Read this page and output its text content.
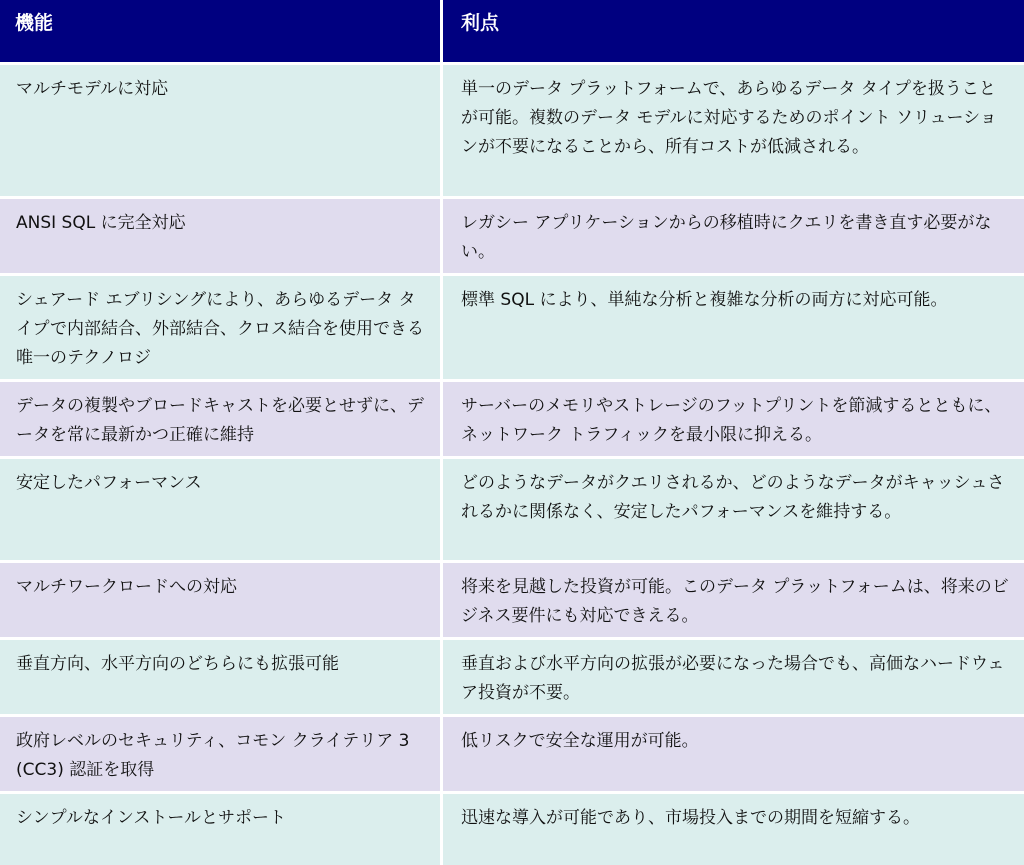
機能	利点
マルチモデルに対応	単一のデータ プラットフォームで、あらゆるデータ タイプを扱うことが可能。複数のデータ モデルに対応するためのポイント ソリューションが不要になることから、所有コストが低減される。
ANSI SQL に完全対応	レガシー アプリケーションからの移植時にクエリを書き直す必要がない。
シェアード エブリシングにより、あらゆるデータ タイプで内部結合、外部結合、クロス結合を使用できる唯一のテクノロジ	標準 SQL により、単純な分析と複雑な分析の両方に対応可能。
データの複製やブロードキャストを必要とせずに、データを常に最新かつ正確に維持	サーバーのメモリやストレージのフットプリントを節減するとともに、ネットワーク トラフィックを最小限に抑える。
安定したパフォーマンス	どのようなデータがクエリされるか、どのようなデータがキャッシュされるかに関係なく、安定したパフォーマンスを維持する。
マルチワークロードへの対応	将来を見越した投資が可能。このデータ プラットフォームは、将来のビジネス要件にも対応できえる。
垂直方向、水平方向のどちらにも拡張可能	垂直および水平方向の拡張が必要になった場合でも、高価なハードウェア投資が不要。
政府レベルのセキュリティ、コモン クライテリア 3 (CC3) 認証を取得	低リスクで安全な運用が可能。
シンプルなインストールとサポート	迅速な導入が可能であり、市場投入までの期間を短縮する。
